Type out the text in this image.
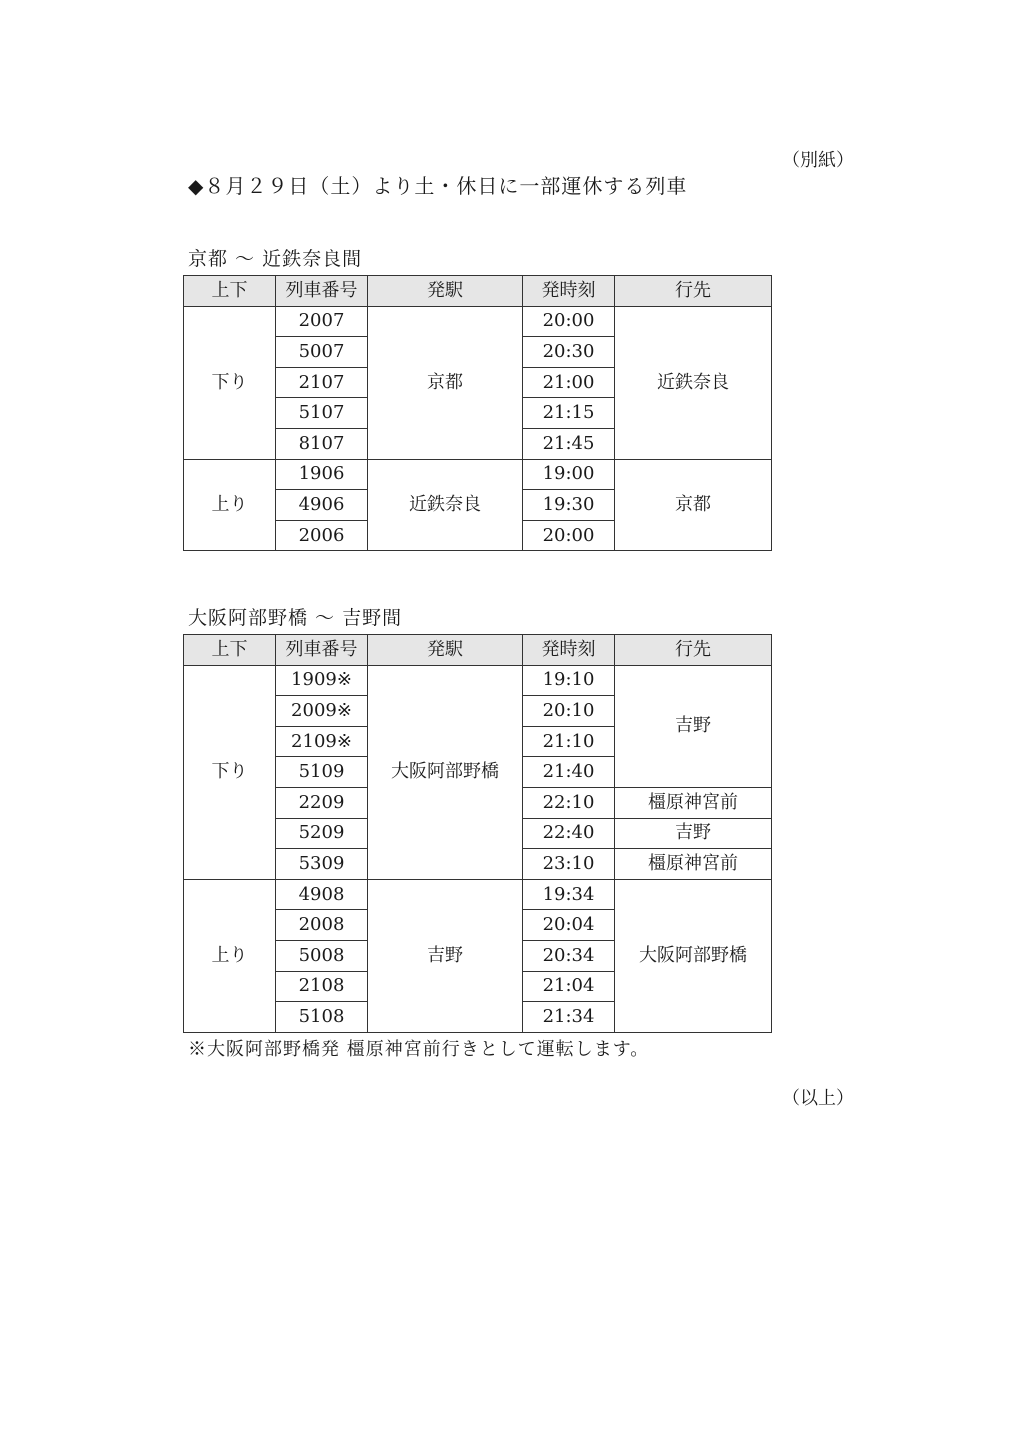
（別紙）
◆８月２９日（土）より土・休日に一部運休する列車
京都 〜 近鉄奈良間
上下	列車番号	発駅	発時刻	行先
下り	2007	京都	20:00	近鉄奈良
	5007		20:30	
	2107		21:00	
	5107		21:15	
	8107		21:45	
上り	1906	近鉄奈良	19:00	京都
	4906		19:30	
	2006		20:00	
大阪阿部野橋 〜 吉野間
上下	列車番号	発駅	発時刻	行先
下り	1909※	大阪阿部野橋	19:10	吉野
	2009※		20:10	
	2109※		21:10	
	5109		21:40	
	2209		22:10	橿原神宮前
	5209		22:40	吉野
	5309		23:10	橿原神宮前
上り	4908	吉野	19:34	大阪阿部野橋
	2008		20:04	
	5008		20:34	
	2108		21:04	
	5108		21:34	
※大阪阿部野橋発 橿原神宮前行きとして運転します。
（以上）
